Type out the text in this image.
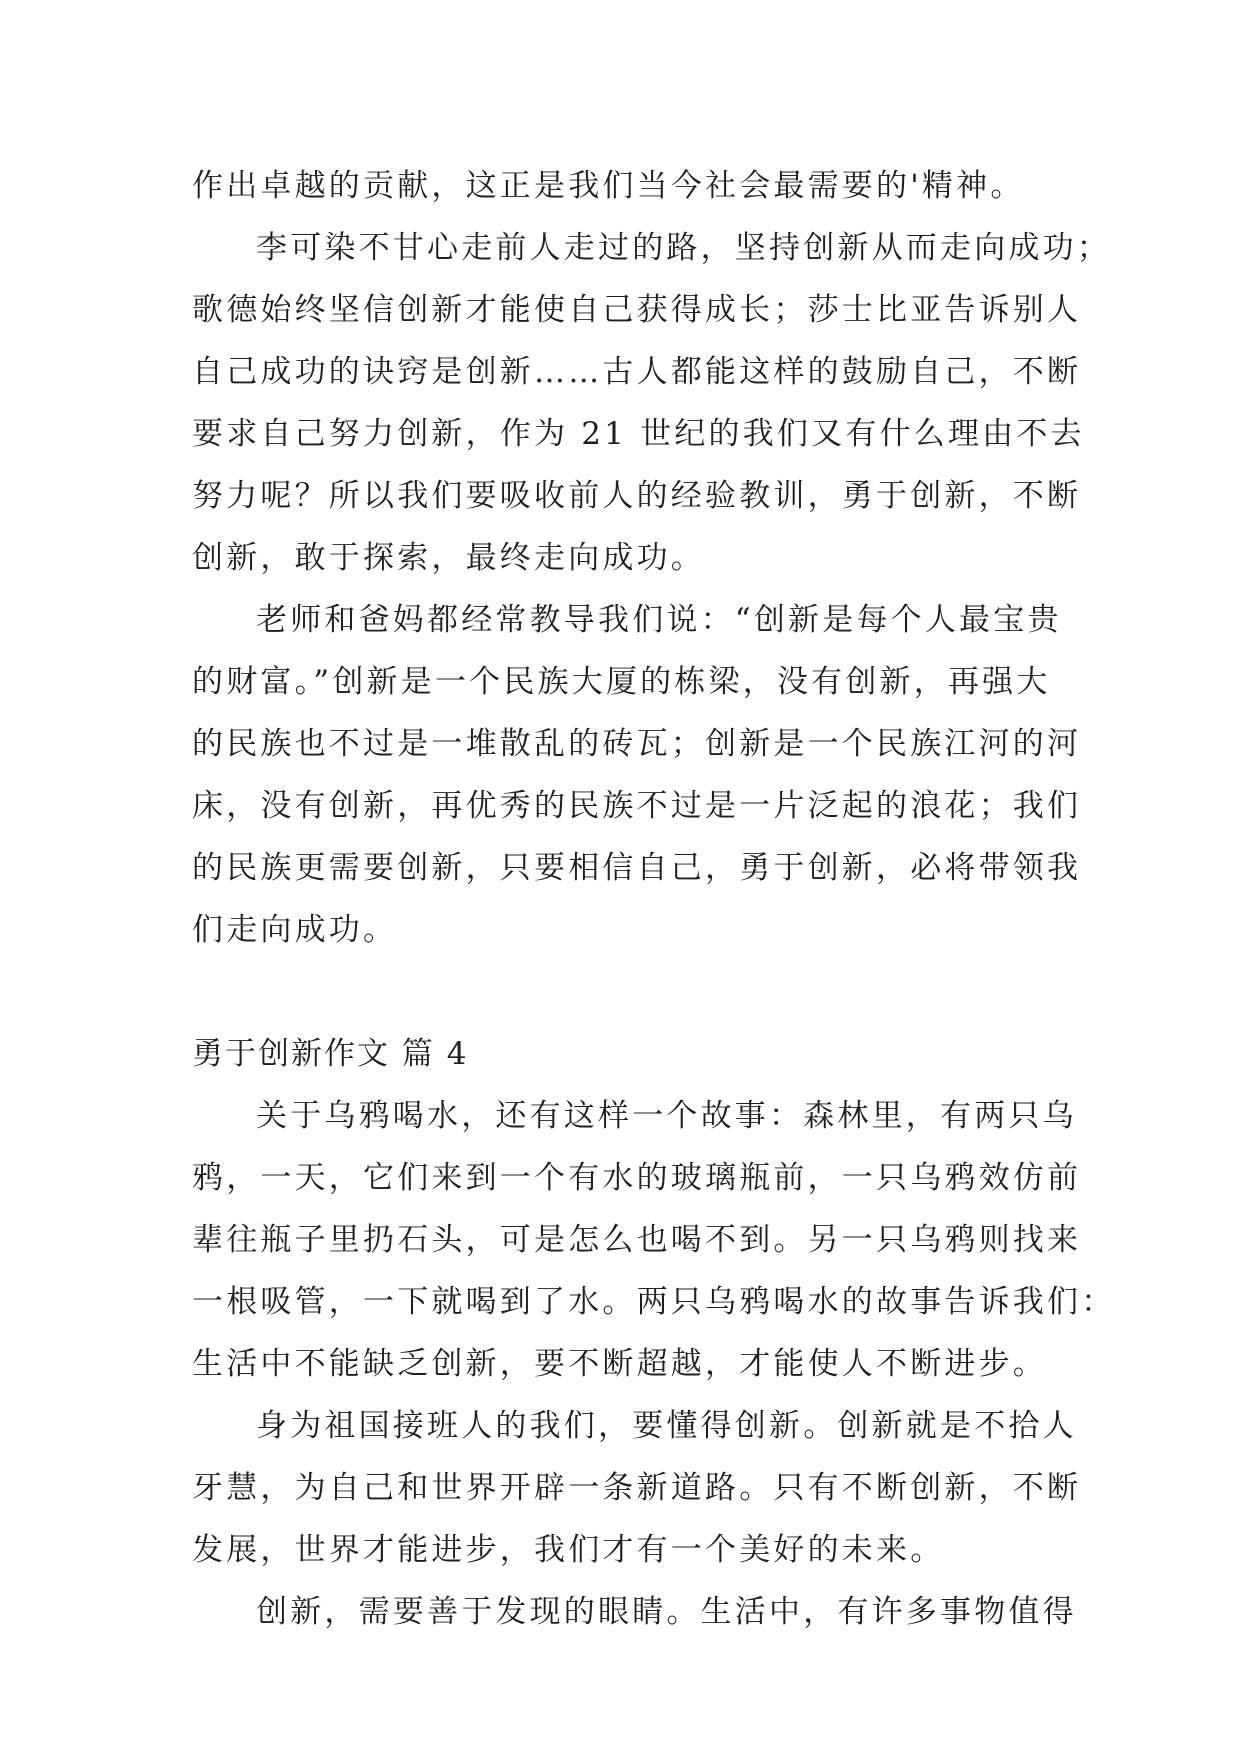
作出卓越的贡献，这正是我们当今社会最需要的'精神。
李可染不甘心走前人走过的路，坚持创新从而走向成功；
歌德始终坚信创新才能使自己获得成长；莎士比亚告诉别人
自己成功的诀窍是创新……古人都能这样的鼓励自己，不断
要求自己努力创新，作为 21 世纪的我们又有什么理由不去
努力呢？所以我们要吸收前人的经验教训，勇于创新，不断
创新，敢于探索，最终走向成功。
老师和爸妈都经常教导我们说：“创新是每个人最宝贵
的财富。”创新是一个民族大厦的栋梁，没有创新，再强大
的民族也不过是一堆散乱的砖瓦；创新是一个民族江河的河
床，没有创新，再优秀的民族不过是一片泛起的浪花；我们
的民族更需要创新，只要相信自己，勇于创新，必将带领我
们走向成功。
勇于创新作文 篇 4
关于乌鸦喝水，还有这样一个故事：森林里，有两只乌
鸦，一天，它们来到一个有水的玻璃瓶前，一只乌鸦效仿前
辈往瓶子里扔石头，可是怎么也喝不到。另一只乌鸦则找来
一根吸管，一下就喝到了水。两只乌鸦喝水的故事告诉我们：
生活中不能缺乏创新，要不断超越，才能使人不断进步。
身为祖国接班人的我们，要懂得创新。创新就是不拾人
牙慧，为自己和世界开辟一条新道路。只有不断创新，不断
发展，世界才能进步，我们才有一个美好的未来。
创新，需要善于发现的眼睛。生活中，有许多事物值得
